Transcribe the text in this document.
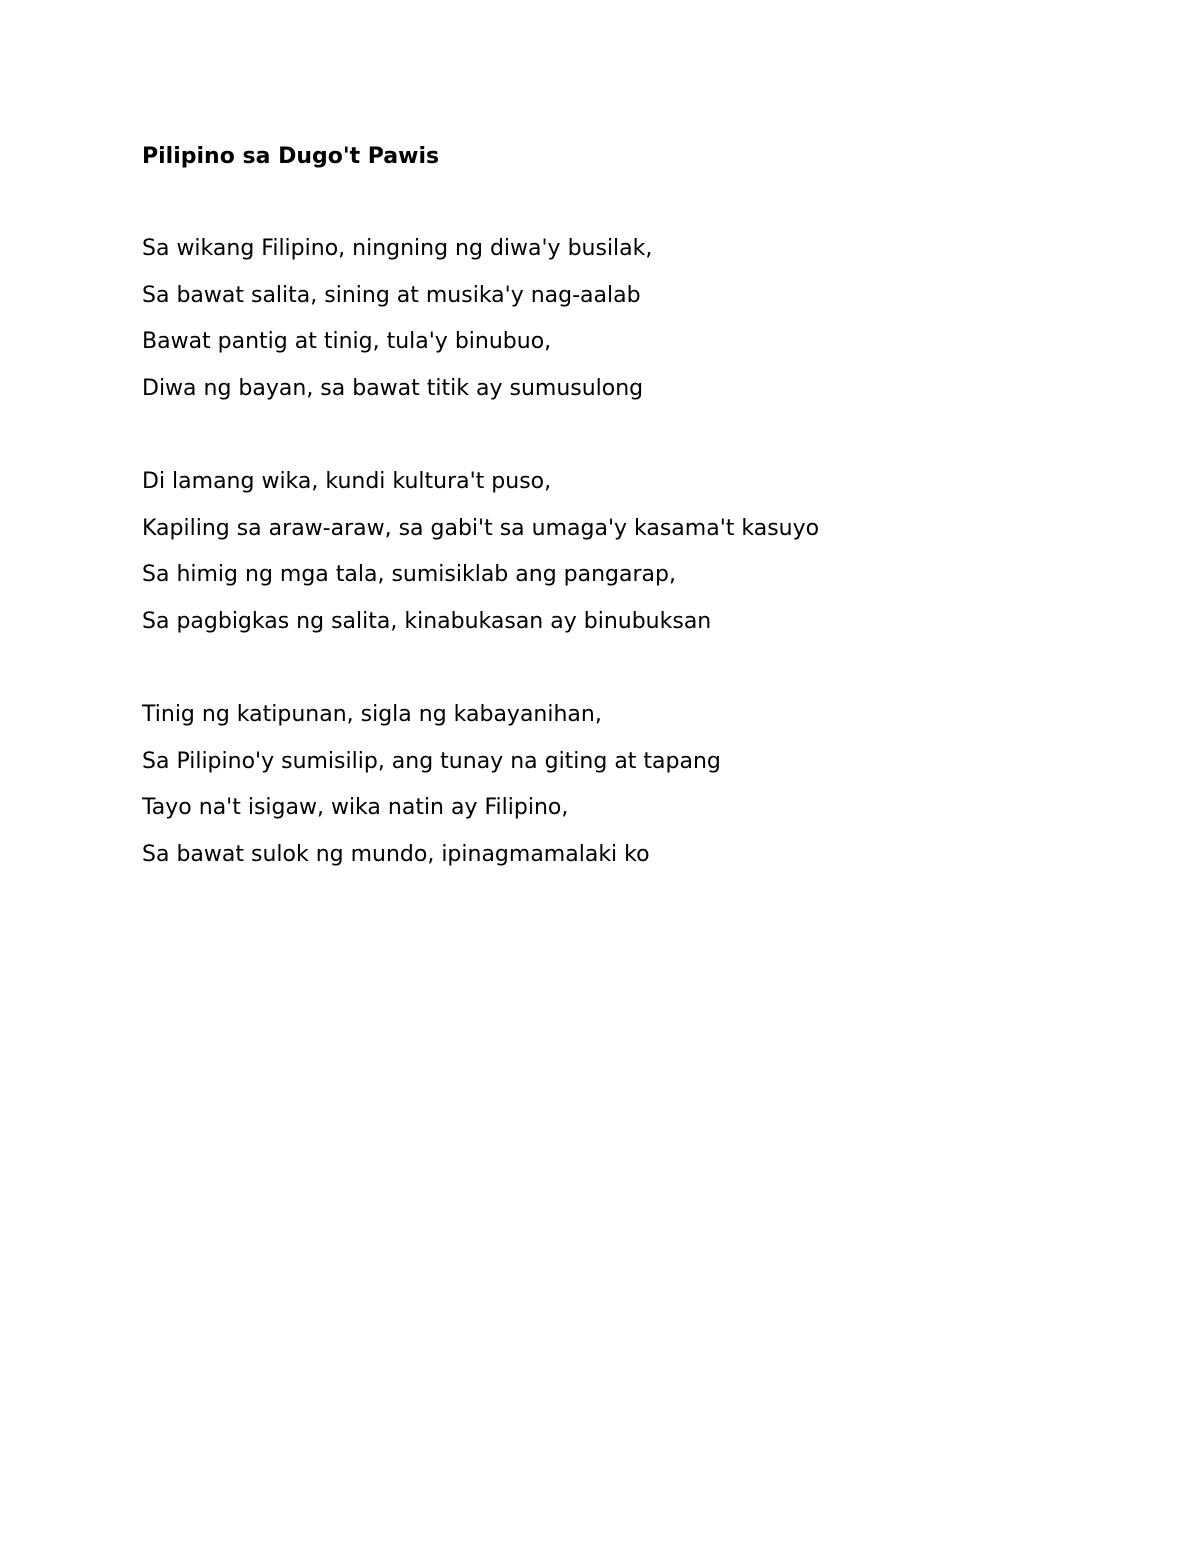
Pilipino sa Dugo't Pawis
Sa wikang Filipino, ningning ng diwa'y busilak,
Sa bawat salita, sining at musika'y nag-aalab
Bawat pantig at tinig, tula'y binubuo,
Diwa ng bayan, sa bawat titik ay sumusulong
Di lamang wika, kundi kultura't puso,
Kapiling sa araw-araw, sa gabi't sa umaga'y kasama't kasuyo
Sa himig ng mga tala, sumisiklab ang pangarap,
Sa pagbigkas ng salita, kinabukasan ay binubuksan
Tinig ng katipunan, sigla ng kabayanihan,
Sa Pilipino'y sumisilip, ang tunay na giting at tapang
Tayo na't isigaw, wika natin ay Filipino,
Sa bawat sulok ng mundo, ipinagmamalaki ko
